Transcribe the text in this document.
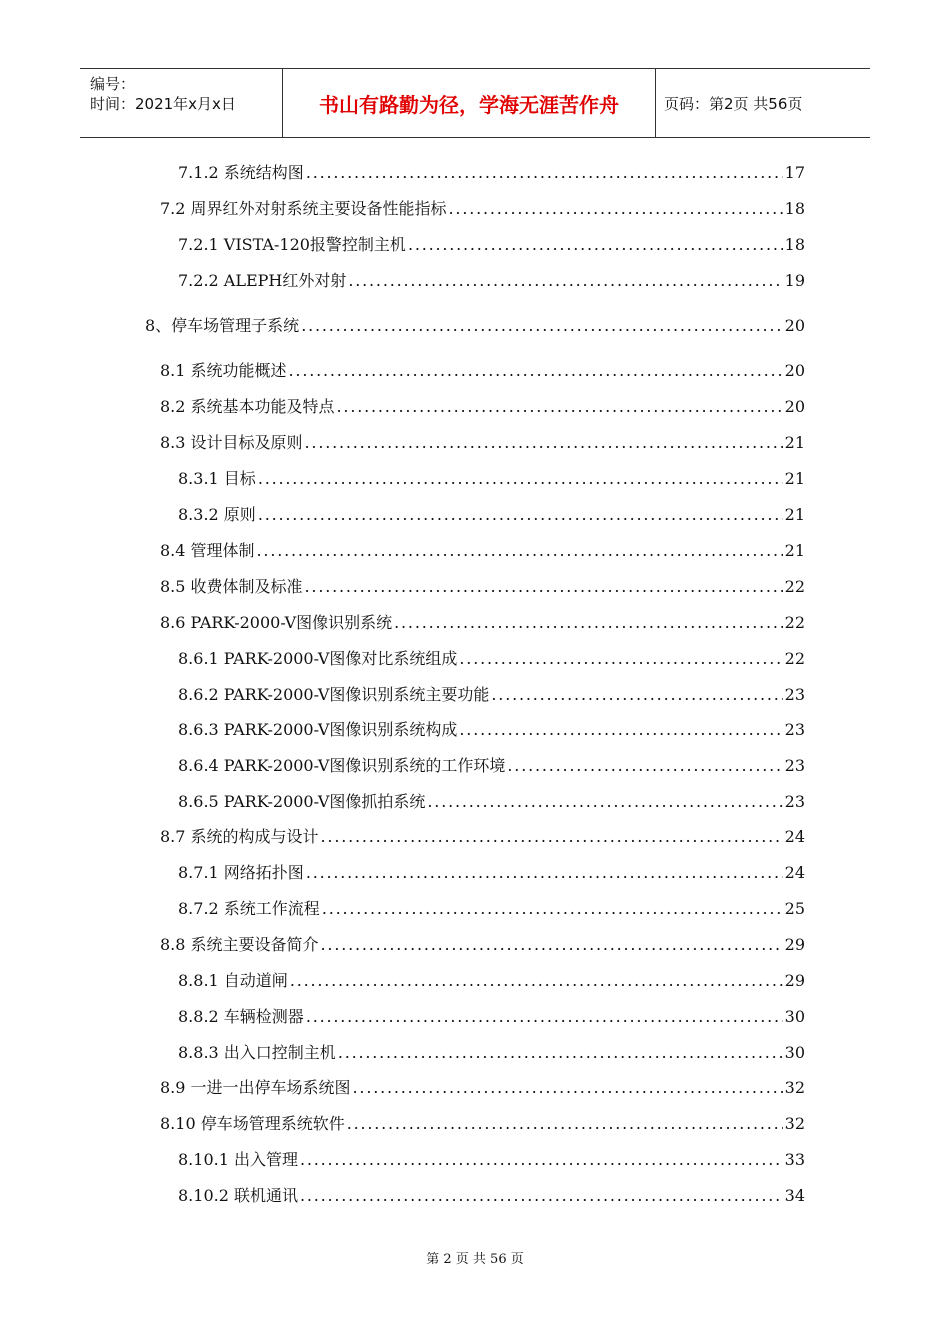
编号：
时间：2021年x月x日	书山有路勤为径，学海无涯苦作舟	页码：第2页 共56页
7.1.2 系统结构图 .....	17
7.2 周界红外对射系统主要设备性能指标 .....	18
7.2.1 VISTA-120报警控制主机 .....	18
7.2.2 ALEPH红外对射 .....	19
8、停车场管理子系统 .....	20
8.1 系统功能概述 .....	20
8.2 系统基本功能及特点 .....	20
8.3 设计目标及原则 .....	21
8.3.1 目标 .....	21
8.3.2 原则 .....	21
8.4 管理体制 .....	21
8.5 收费体制及标准 .....	22
8.6 PARK-2000-V图像识别系统 .....	22
8.6.1 PARK-2000-V图像对比系统组成 .....	22
8.6.2 PARK-2000-V图像识别系统主要功能 .....	23
8.6.3 PARK-2000-V图像识别系统构成 .....	23
8.6.4 PARK-2000-V图像识别系统的工作环境 .....	23
8.6.5 PARK-2000-V图像抓拍系统 .....	23
8.7 系统的构成与设计 .....	24
8.7.1 网络拓扑图 .....	24
8.7.2 系统工作流程 .....	25
8.8 系统主要设备简介 .....	29
8.8.1 自动道闸 .....	29
8.8.2 车辆检测器 .....	30
8.8.3 出入口控制主机 .....	30
8.9 一进一出停车场系统图 .....	32
8.10 停车场管理系统软件 .....	32
8.10.1 出入管理 .....	33
8.10.2 联机通讯 .....	34
第 2 页 共 56 页
